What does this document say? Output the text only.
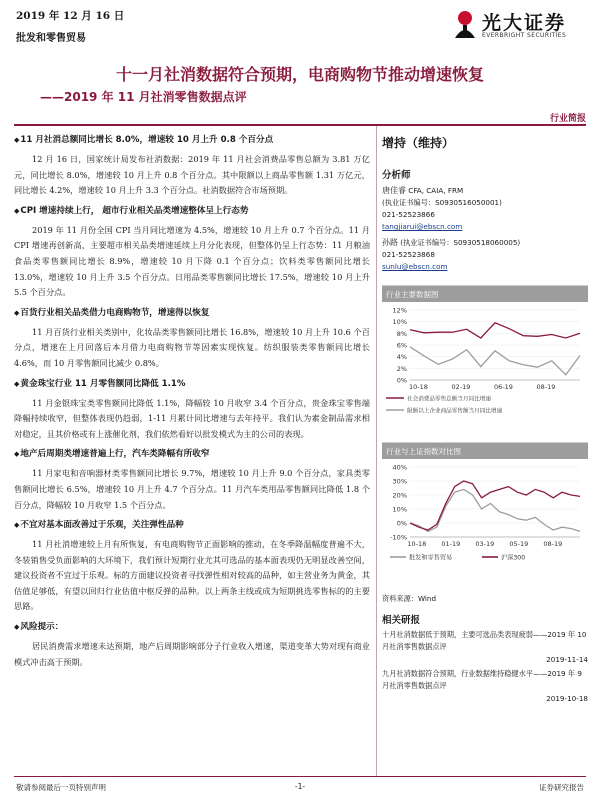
2019 年 12 月 16 日
批发和零售贸易
光大证券
EVERBRIGHT SECURITIES
十一月社消数据符合预期，电商购物节推动增速恢复
——2019 年 11 月社消零售数据点评
行业简报
◆11 月社消总额同比增长 8.0%，增速较 10 月上升 0.8 个百分点

12 月 16 日，国家统计局发布社消数据：2019 年 11 月社会消费品零售总额为 3.81 万亿元，同比增长 8.0%，增速较 10 月上升 0.8 个百分点。其中限额以上商品零售额 1.31 万亿元，同比增长 4.2%，增速较 10 月上升 3.3 个百分点。社消数据符合市场预期。

◆CPI 增速持续上行， 超市行业相关品类增速整体呈上行态势

2019 年 11 月份全国 CPI 当月同比增速为 4.5%，增速较 10 月上升 0.7 个百分点。11 月 CPI 增速再创新高，主要超市相关品类增速延续上月分化表现，但整体仍呈上行态势：11 月粮油食品类零售额同比增长 8.9%，增速较 10 月下降 0.1 个百分点；饮料类零售额同比增长 13.0%，增速较 10 月上升 3.5 个百分点。日用品类零售额同比增长 17.5%，增速较 10 月上升 5.5 个百分点。

◆百货行业相关品类借力电商购物节，增速得以恢复

11 月百货行业相关类别中，化妆品类零售额同比增长 16.8%，增速较 10 月上升 10.6 个百分点，增速在上月回落后本月借力电商购物节等因素实现恢复。纺织服装类零售额同比增长 4.6%，而 10 月零售额同比减少 0.8%。

◆黄金珠宝行业 11 月零售额同比降低 1.1%

11 月金银珠宝类零售额同比降低 1.1%，降幅较 10 月收窄 3.4 个百分点，贵金珠宝零售端降幅持续收窄，但整体表现仍趋弱，1-11 月累计同比增速与去年持平。我们认为素金制品需求相对稳定，且其价格或有上涨催化剂，我们依然看好以批发模式为主的公司的表现。

◆地产后周期类增速普遍上行，汽车类降幅有所收窄

11 月家电和音响器材类零售额同比增长 9.7%，增速较 10 月上升 9.0 个百分点，家具类零售额同比增长 6.5%，增速较 10 月上升 4.7 个百分点。11 月汽车类用品零售额同比降低 1.8 个百分点，降幅较 10 月收窄 1.5 个百分点。

◆不宜对基本面改善过于乐观，关注弹性品种

11 月社消增速较上月有所恢复，有电商购物节正面影响的推动，在冬季降温幅度普遍不大，冬装销售受负面影响的大环境下，我们预计短期行业尤其可选品的基本面表现仍无明显改善空间，建议投资者不宜过于乐观。标的方面建议投资者寻找弹性相对较高的品种，如主营业务为黄金，其估值足够低，有望以回归行业估值中枢反弹的品种。以上两条主线或成为短期挑选零售标的的主要思路。

◆风险提示：

居民消费需求增速未达预期，地产后周期影响部分子行业收入增速，渠道变革大势对现有商业模式冲击高于预期。

增持（维持）
分析师
唐佳睿 CFA, CAIA, FRM
(执业证书编号：S0930516050001)
021-52523866
tangjiarui@ebscn.com
孙路 (执业证书编号：S0930518060005)
021-52523868
sunlu@ebscn.com
行业主要数据图
0%
2%
4%
6%
8%
10%
12%
10-18	02-19	06-19	08-19
社会消费品零售总额当月同比增速
限额以上企业商品零售额当月同比增速
行业与上证指数对比图
-10%
0%
10%
20%
30%
40%
10-18 01-19 03-19 05-19 08-19
批发和零售贸易	沪深300
资料来源：Wind
相关研报
十月社消数据低于预期，主要可选品类表现疲弱——2019 年 10 月社消零售数据点评
2019-11-14
九月社消数据符合预期，行业数据维持稳健水平——2019 年 9 月社消零售数据点评
2019-10-18
敬请参阅最后一页特别声明	-1-	证券研究报告
